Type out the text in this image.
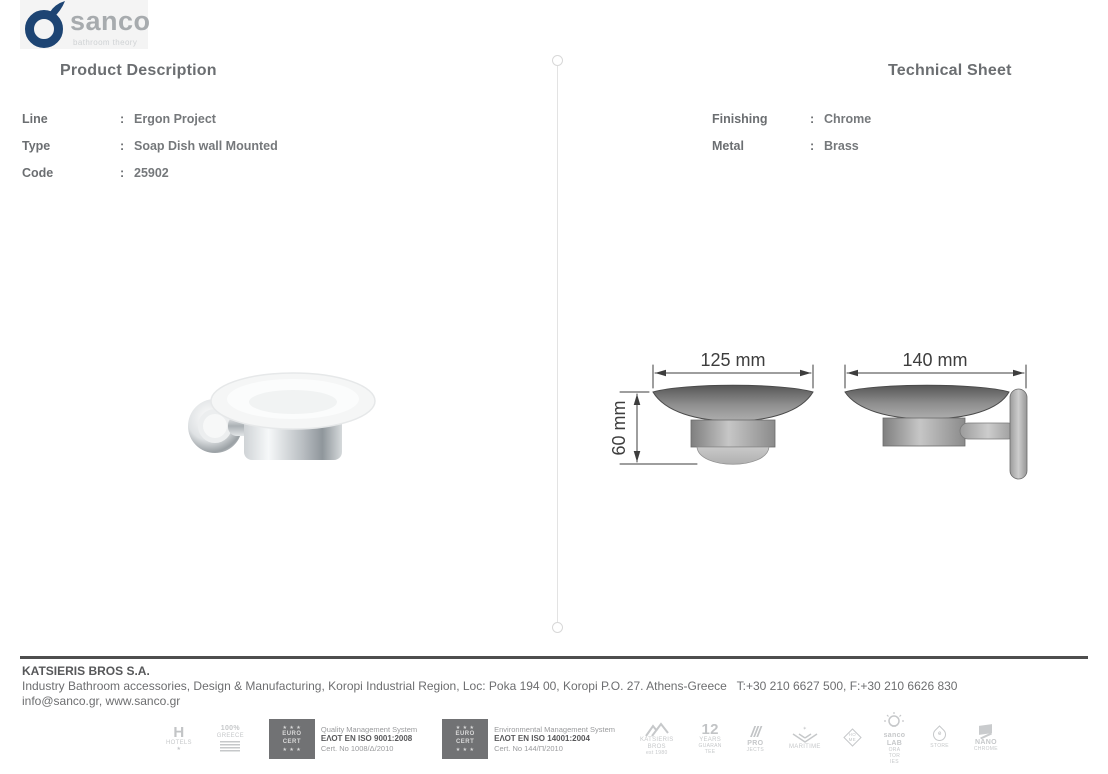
sanco
bathroom theory
Product Description	Technical Sheet
Line	: Ergon Project
Type	: Soap Dish wall Mounted
Code	: 25902
Finishing	: Chrome
Metal	: Brass
125 mm
60 mm
140 mm
KATSIERIS BROS S.A.
Industry Bathroom accessories, Design & Manufacturing, Koropi Industrial Region, Loc: Poka 194 00, Koropi P.O. 27. Athens-Greece   T:+30 210 6627 500, F:+30 210 6626 830
info@sanco.gr, www.sanco.gr
H
HOTELS
★
100%
GREECE
★ ★ ★
EURO
CERT
★ ★ ★
Quality Management System
ΕΛΟΤ EN ISO 9001:2008
Cert. No 1008/Δ/2010
★ ★ ★
EURO
CERT
★ ★ ★
Environmental Management System
ΕΛΟΤ EN ISO 14001:2004
Cert. No 144/Π/2010
KATSIERIS
BROS
est 1980
12
YEARS
GUARAN
TEE
///
PRO
JECTS
✶
MARITIME
HO
ME	sanco
LAB
ORA
TOR
IES
e
STORE	NANO
CHROME
